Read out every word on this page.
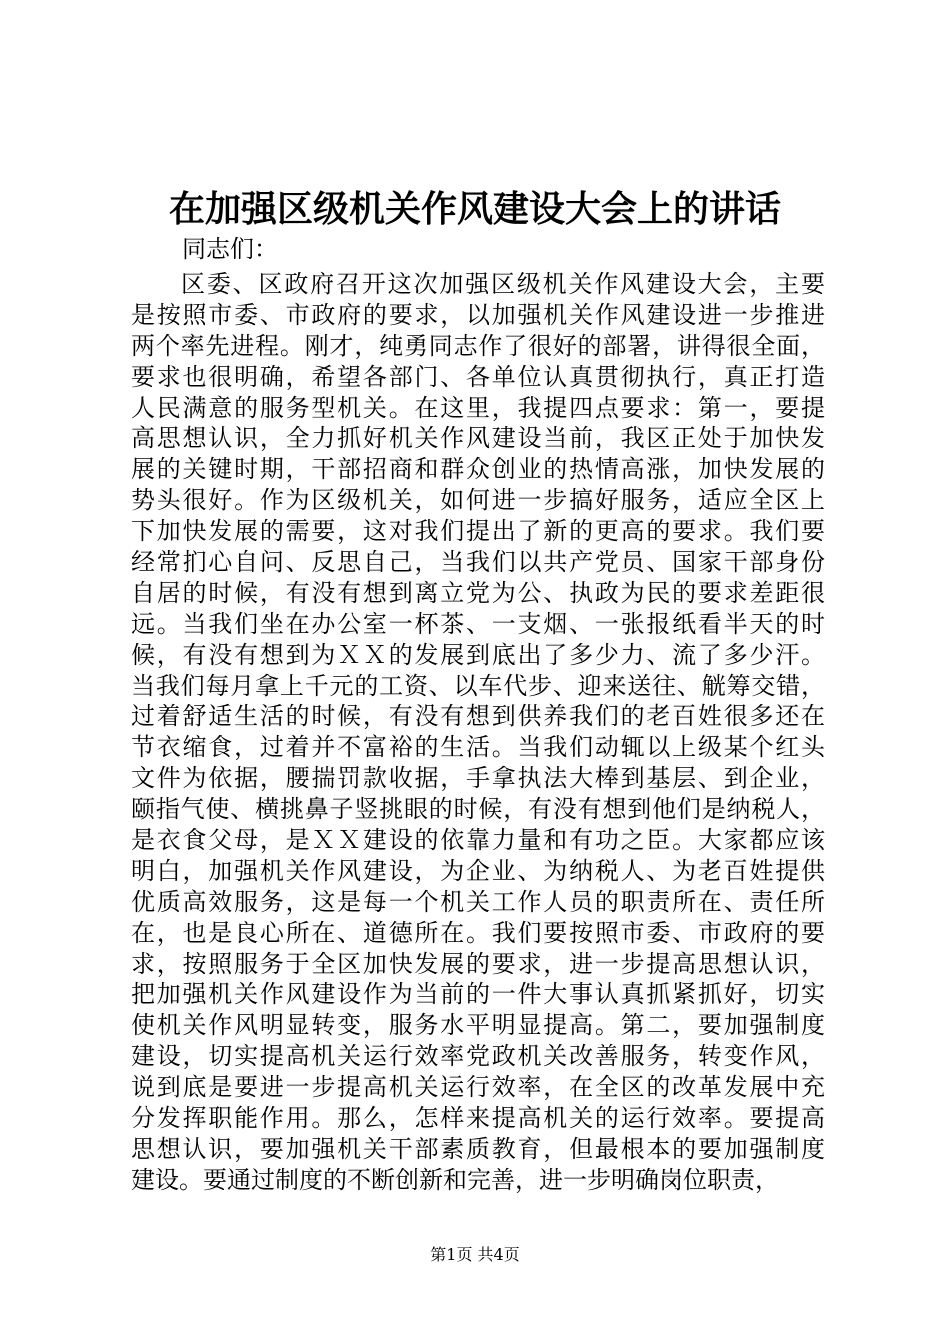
在加强区级机关作风建设大会上的讲话
同志们：
区委、区政府召开这次加强区级机关作风建设大会，主要
是按照市委、市政府的要求，以加强机关作风建设进一步推进
两个率先进程。刚才，纯勇同志作了很好的部署，讲得很全面，
要求也很明确，希望各部门、各单位认真贯彻执行，真正打造
人民满意的服务型机关。在这里，我提四点要求：第一，要提
高思想认识，全力抓好机关作风建设当前，我区正处于加快发
展的关键时期，干部招商和群众创业的热情高涨，加快发展的
势头很好。作为区级机关，如何进一步搞好服务，适应全区上
下加快发展的需要，这对我们提出了新的更高的要求。我们要
经常扪心自问、反思自己，当我们以共产党员、国家干部身份
自居的时候，有没有想到离立党为公、执政为民的要求差距很
远。当我们坐在办公室一杯茶、一支烟、一张报纸看半天的时
候，有没有想到为ＸＸ的发展到底出了多少力、流了多少汗。
当我们每月拿上千元的工资、以车代步、迎来送往、觥筹交错，
过着舒适生活的时候，有没有想到供养我们的老百姓很多还在
节衣缩食，过着并不富裕的生活。当我们动辄以上级某个红头
文件为依据，腰揣罚款收据，手拿执法大棒到基层、到企业，
颐指气使、横挑鼻子竖挑眼的时候，有没有想到他们是纳税人，
是衣食父母，是ＸＸ建设的依靠力量和有功之臣。大家都应该
明白，加强机关作风建设，为企业、为纳税人、为老百姓提供
优质高效服务，这是每一个机关工作人员的职责所在、责任所
在，也是良心所在、道德所在。我们要按照市委、市政府的要
求，按照服务于全区加快发展的要求，进一步提高思想认识，
把加强机关作风建设作为当前的一件大事认真抓紧抓好，切实
使机关作风明显转变，服务水平明显提高。第二，要加强制度
建设，切实提高机关运行效率党政机关改善服务，转变作风，
说到底是要进一步提高机关运行效率，在全区的改革发展中充
分发挥职能作用。那么，怎样来提高机关的运行效率。要提高
思想认识，要加强机关干部素质教育，但最根本的要加强制度
建设。要通过制度的不断创新和完善，进一步明确岗位职责，
第1页 共4页
